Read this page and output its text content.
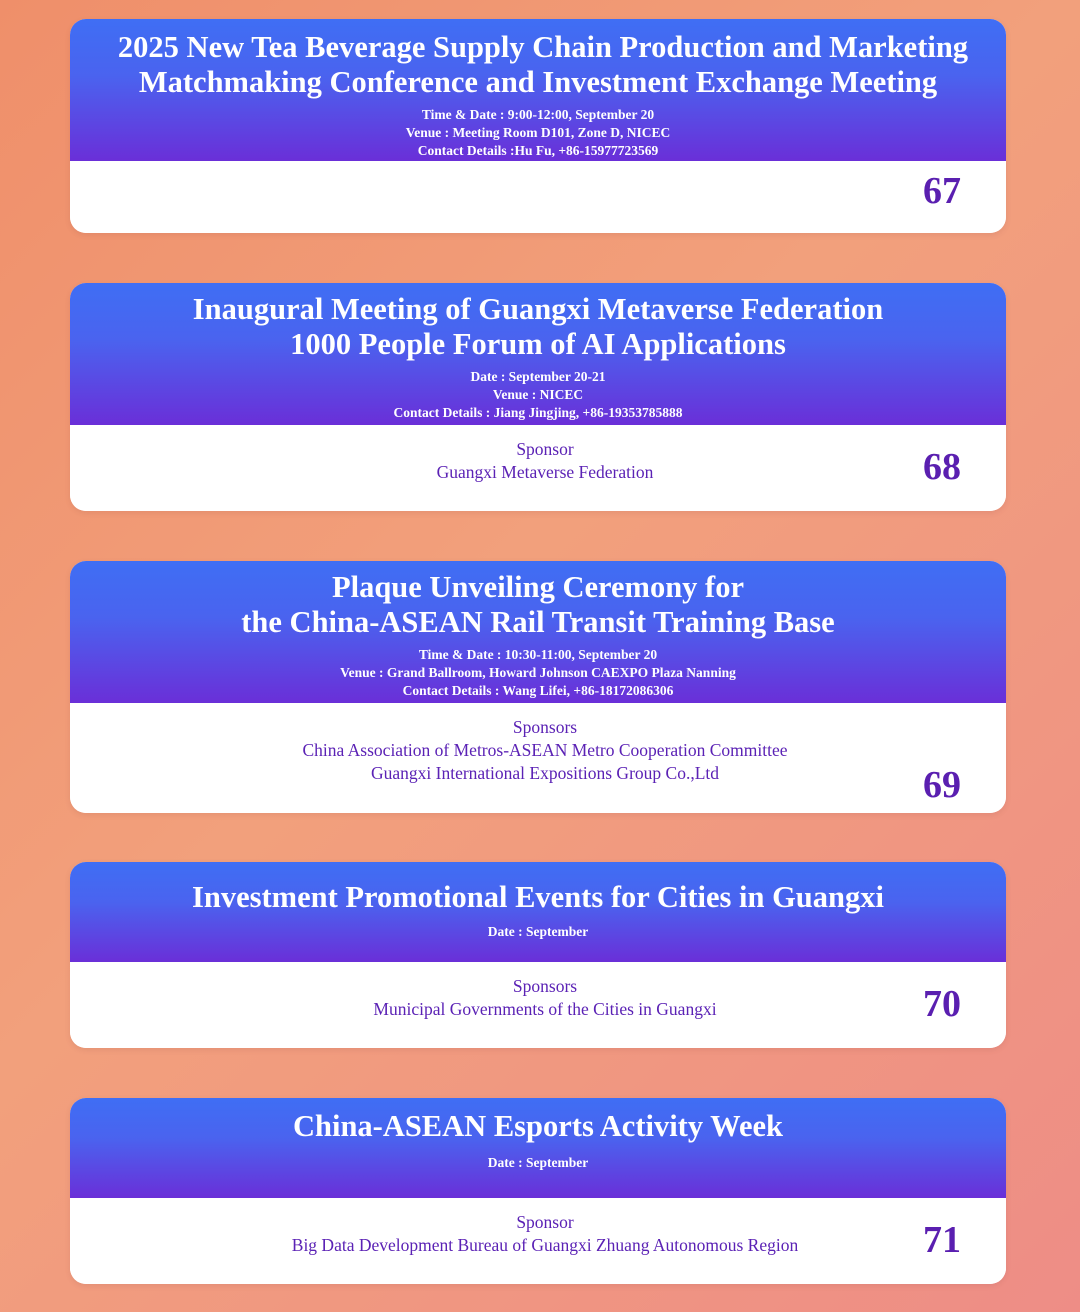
2025 New Tea Beverage Supply Chain Production and Marketing
Matchmaking Conference and Investment Exchange Meeting
Time & Date : 9:00-12:00, September 20
Venue : Meeting Room D101, Zone D, NICEC
Contact Details :Hu Fu, +86-15977723569
67
Inaugural Meeting of Guangxi Metaverse Federation
1000 People Forum of AI Applications
Date : September 20-21
Venue : NICEC
Contact Details : Jiang Jingjing, +86-19353785888
Sponsor
Guangxi Metaverse Federation	68
Plaque Unveiling Ceremony for
the China-ASEAN Rail Transit Training Base
Time & Date : 10:30-11:00, September 20
Venue : Grand Ballroom, Howard Johnson CAEXPO Plaza Nanning
Contact Details : Wang Lifei, +86-18172086306
Sponsors
China Association of Metros-ASEAN Metro Cooperation Committee
Guangxi International Expositions Group Co.,Ltd	69
Investment Promotional Events for Cities in Guangxi
Date : September
Sponsors
Municipal Governments of the Cities in Guangxi	70
China-ASEAN Esports Activity Week
Date : September
Sponsor
Big Data Development Bureau of Guangxi Zhuang Autonomous Region	71
